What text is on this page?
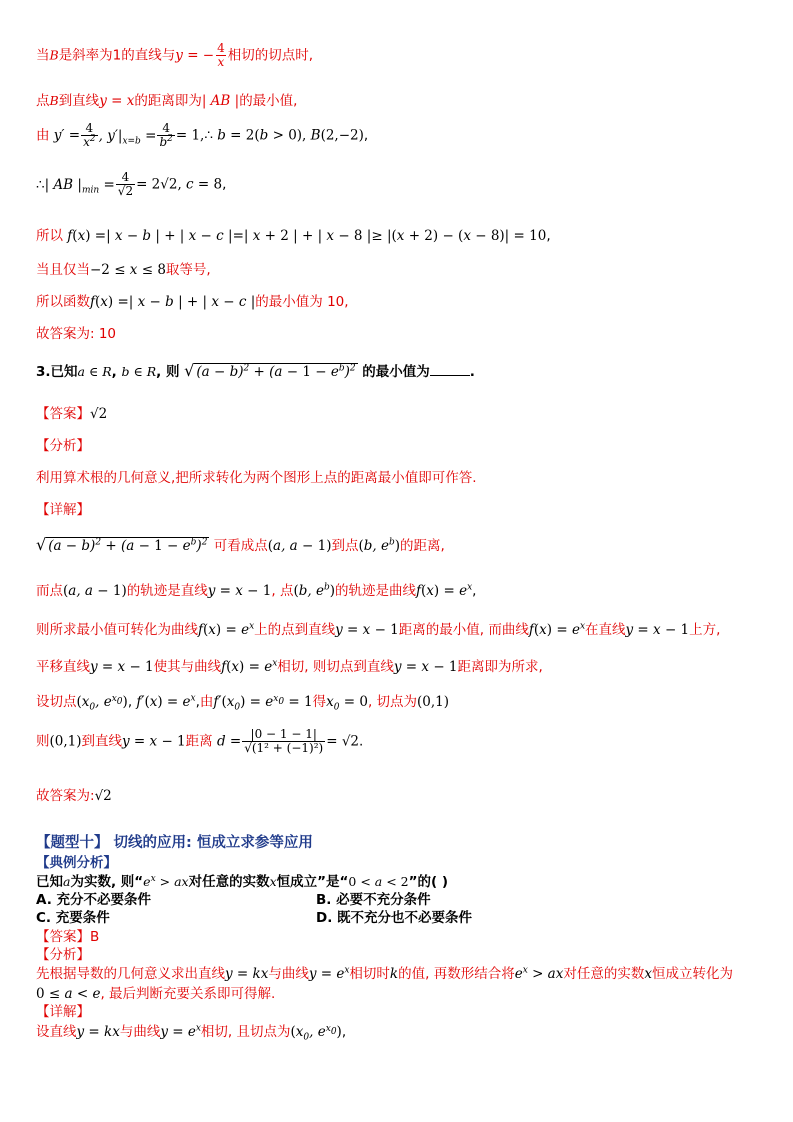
当B是斜率为1的直线与y = − $\frac{4}{x}$ 相切的切点时,
点B到直线y = x的距离即为| AB |的最小值,
由 $y' = \frac{4}{x^2}$ , $y'|_{x=b} = \frac{4}{b^2}$ = 1,∴ b = 2(b > 0), B(2,−2),
∴| AB $|_{min} = \frac{4}{√2} = 2√2$, c = 8,
所以 f(x) =| x − b | + | x − c |=| x + 2 | + | x − 8 |≥ |(x + 2) − (x − 8)| = 10,
当且仅当−2 ≤ x ≤ 8取等号,
所以函数f(x) =| x − b | + | x − c |的最小值为 10,
故答案为: 10
3.已知a ∈ R, b ∈ R, 则 √ $(a - b)^2 + (a - 1 - e^b)^2$ 的最小值为	.
【答案】√2
【分析】
利用算术根的几何意义,把所求转化为两个图形上点的距离最小值即可作答.
【详解】
√ $(a - b)^2 + (a - 1 - e^b)^2$ 可看成点(a, a − 1)到点(b, $e^b$)的距离,
而点(a, a − 1)的轨迹是直线y = x − 1, 点(b, $e^b$)的轨迹是曲线$f(x) = e^x$,
则所求最小值可转化为曲线$f(x) = e^x$上的点到直线y = x − 1距离的最小值, 而曲线$f(x) = e^x$在直线y = x − 1上方,
平移直线y = x − 1使其与曲线$f(x) = e^x$相切, 则切点到直线y = x − 1距离即为所求,
设切点($x_0$, $e^{x_0}$), $f'(x) = e^x$,由$f'(x_0) = e^{x_0} = 1$得$x_0 = 0$, 切点为(0,1)
则(0,1)到直线y = x − 1距离 $d = \frac{|0 - 1 - 1|}{\text{√(1² + (−1)²)}} = √2$.
故答案为:√2
【题型十】 切线的应用: 恒成立求参等应用
【典例分析】
已知a为实数, 则“$e^x$ > ax对任意的实数x恒成立”是“0 < a < 2”的( )
A. 充分不必要条件	B. 必要不充分条件
C. 充要条件	D. 既不充分也不必要条件
【答案】B
【分析】
先根据导数的几何意义求出直线y = kx与曲线$y = e^x$相切时k的值, 再数形结合将$e^x$ > ax对任意的实数x恒成立转化为
0 ≤ a < e, 最后判断充要关系即可得解.
【详解】
设直线y = kx与曲线$y = e^x$相切, 且切点为($x_0$, $e^{x_0}$),
